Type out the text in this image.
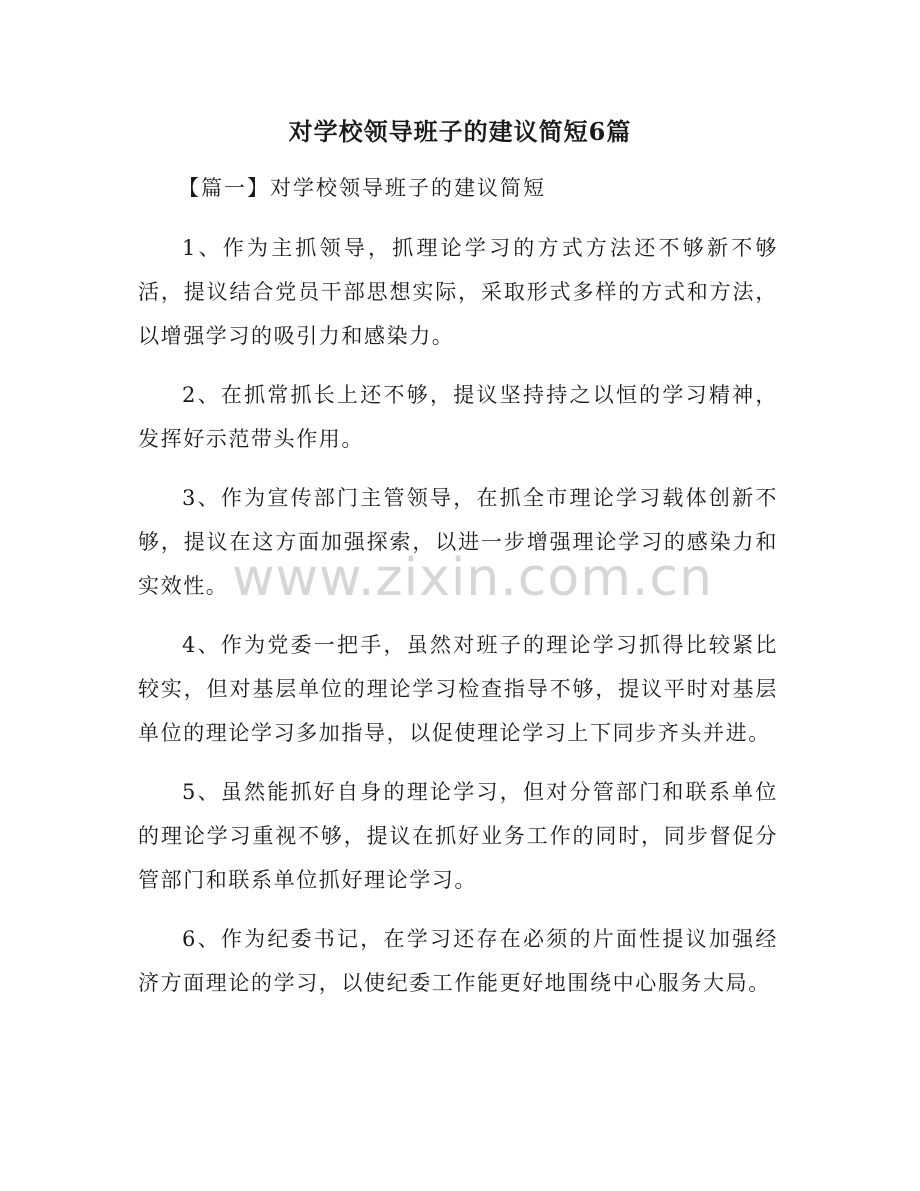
对学校领导班子的建议简短6篇
【篇一】对学校领导班子的建议简短

1、作为主抓领导，抓理论学习的方式方法还不够新不够活，提议结合党员干部思想实际，采取形式多样的方式和方法，以增强学习的吸引力和感染力。

2、在抓常抓长上还不够，提议坚持持之以恒的学习精神，发挥好示范带头作用。

3、作为宣传部门主管领导，在抓全市理论学习载体创新不够，提议在这方面加强探索，以进一步增强理论学习的感染力和实效性。

4、作为党委一把手，虽然对班子的理论学习抓得比较紧比较实，但对基层单位的理论学习检查指导不够，提议平时对基层单位的理论学习多加指导，以促使理论学习上下同步齐头并进。

5、虽然能抓好自身的理论学习，但对分管部门和联系单位的理论学习重视不够，提议在抓好业务工作的同时，同步督促分管部门和联系单位抓好理论学习。

6、作为纪委书记，在学习还存在必须的片面性提议加强经济方面理论的学习，以使纪委工作能更好地围绕中心服务大局。

www.zixin.com.cn
